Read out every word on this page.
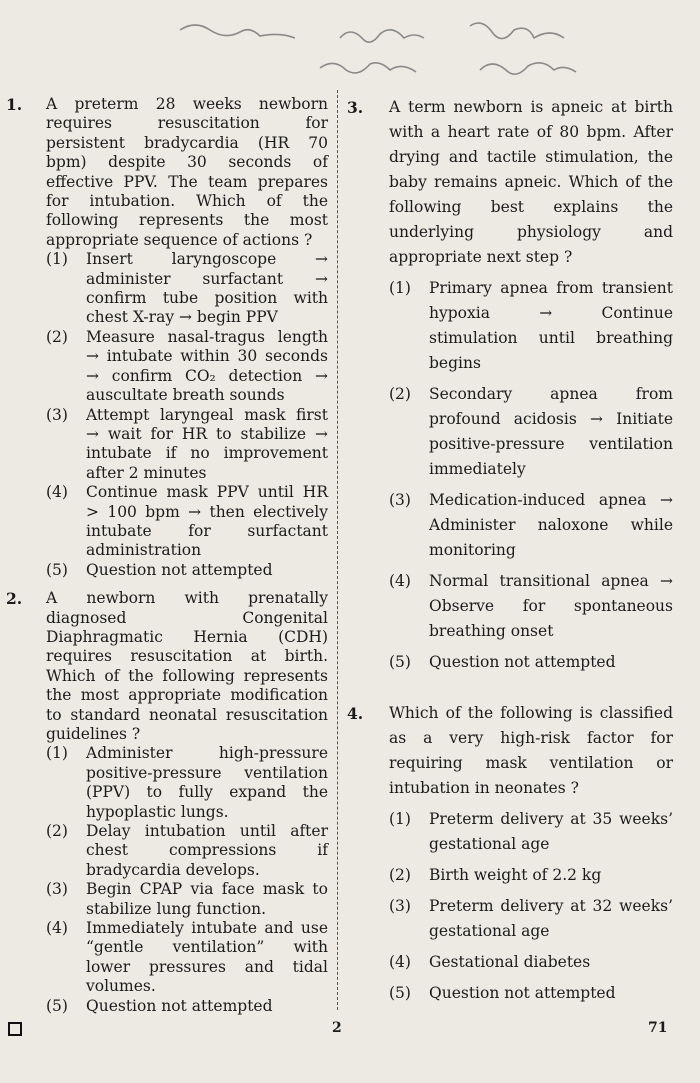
1. A preterm 28 weeks newborn requires resuscitation for persistent bradycardia (HR 70 bpm) despite 30 seconds of effective PPV. The team prepares for intubation. Which of the following represents the most appropriate sequence of actions ?
(1) Insert laryngoscope → administer surfactant → confirm tube position with chest X-ray → begin PPV
(2) Measure nasal-tragus length → intubate within 30 seconds → confirm CO₂ detection → auscultate breath sounds
(3) Attempt laryngeal mask first → wait for HR to stabilize → intubate if no improvement after 2 minutes
(4) Continue mask PPV until HR > 100 bpm → then electively intubate for surfactant administration
(5) Question not attempted
2. A newborn with prenatally diagnosed Congenital Diaphragmatic Hernia (CDH) requires resuscitation at birth. Which of the following represents the most appropriate modification to standard neonatal resuscitation guidelines ?
(1) Administer high-pressure positive-pressure ventilation (PPV) to fully expand the hypoplastic lungs.
(2) Delay intubation until after chest compressions if bradycardia develops.
(3) Begin CPAP via face mask to stabilize lung function.
(4) Immediately intubate and use “gentle ventilation” with lower pressures and tidal volumes.
(5) Question not attempted
3. A term newborn is apneic at birth with a heart rate of 80 bpm. After drying and tactile stimulation, the baby remains apneic. Which of the following best explains the underlying physiology and appropriate next step ?
(1) Primary apnea from transient hypoxia → Continue stimulation until breathing begins
(2) Secondary apnea from profound acidosis → Initiate positive-pressure ventilation immediately
(3) Medication-induced apnea → Administer naloxone while monitoring
(4) Normal transitional apnea → Observe for spontaneous breathing onset
(5) Question not attempted
4. Which of the following is classified as a very high-risk factor for requiring mask ventilation or intubation in neonates ?
(1) Preterm delivery at 35 weeks’ gestational age
(2) Birth weight of 2.2 kg
(3) Preterm delivery at 32 weeks’ gestational age
(4) Gestational diabetes
(5) Question not attempted
2	71
